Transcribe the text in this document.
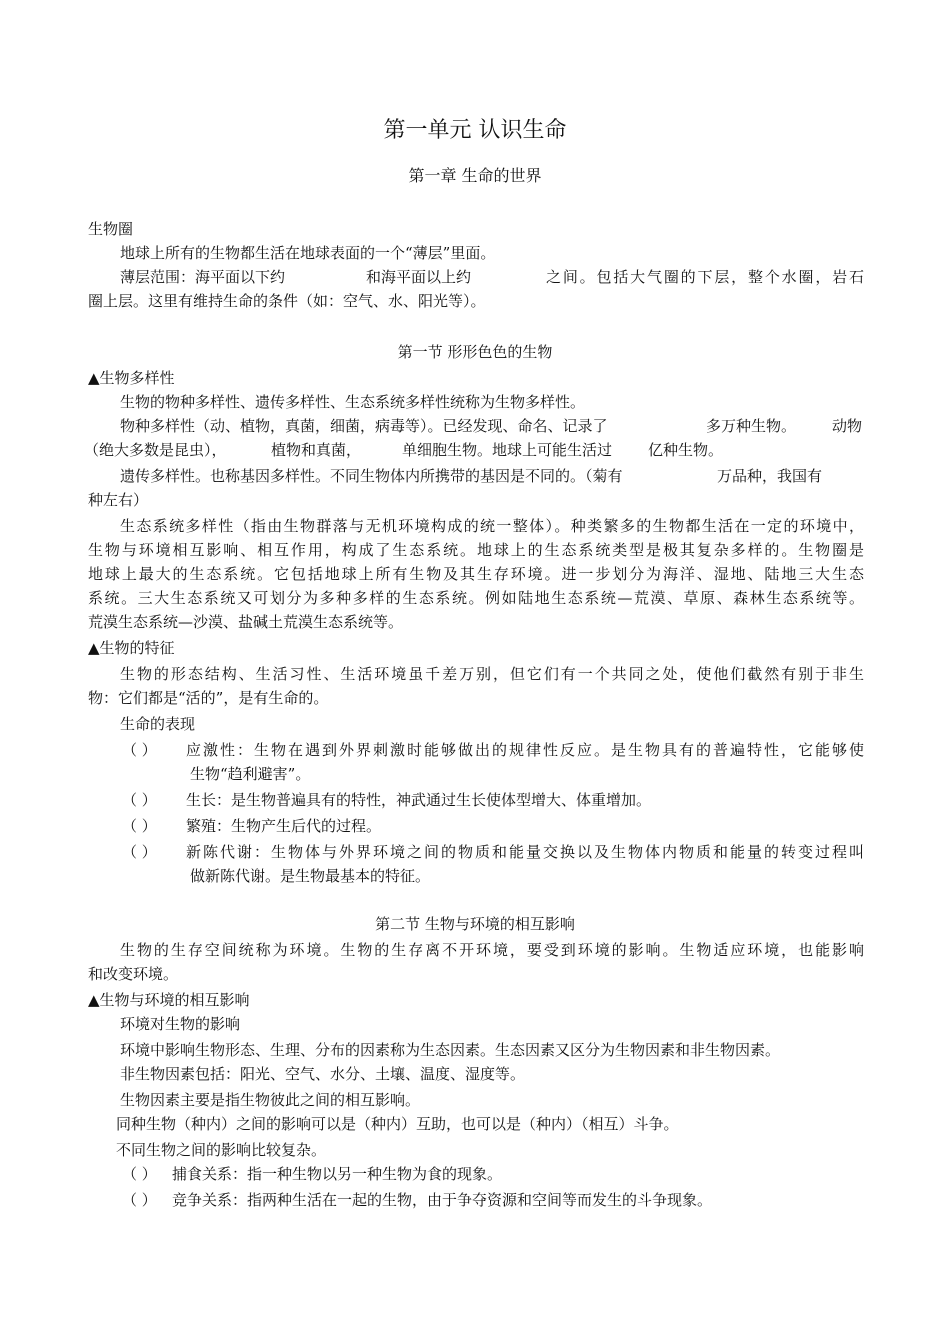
第一单元 认识生命
第一章 生命的世界
生物圈
地球上所有的生物都生活在地球表面的一个“薄层”里面。
薄层范围：海平面以下约	和海平面以上约	之间。包括大气圈的下层，整个水圈，岩石
圈上层。这里有维持生命的条件（如：空气、水、阳光等）。
第一节 形形色色的生物
▲生物多样性
生物的物种多样性、遗传多样性、生态系统多样性统称为生物多样性。
物种多样性（动、植物，真菌，细菌，病毒等）。已经发现、命名、记录了	多万种生物。 动物
（绝大多数是昆虫），	植物和真菌，	单细胞生物。地球上可能生活过 亿种生物。
遗传多样性。也称基因多样性。不同生物体内所携带的基因是不同的。（菊有	万品种，我国有
种左右）
生态系统多样性（指由生物群落与无机环境构成的统一整体）。种类繁多的生物都生活在一定的环境中，
生物与环境相互影响、相互作用，构成了生态系统。地球上的生态系统类型是极其复杂多样的。生物圈是
地球上最大的生态系统。它包括地球上所有生物及其生存环境。进一步划分为海洋、湿地、陆地三大生态
系统。三大生态系统又可划分为多种多样的生态系统。例如陆地生态系统—荒漠、草原、森林生态系统等。
荒漠生态系统—沙漠、盐碱土荒漠生态系统等。
▲生物的特征
生物的形态结构、生活习性、生活环境虽千差万别，但它们有一个共同之处，使他们截然有别于非生
物：它们都是“活的”，是有生命的。
生命的表现
（ ） 应激性：生物在遇到外界刺激时能够做出的规律性反应。是生物具有的普遍特性，它能够使
生物“趋利避害”。
（ ） 生长：是生物普遍具有的特性，神武通过生长使体型增大、体重增加。
（ ） 繁殖：生物产生后代的过程。
（ ） 新陈代谢：生物体与外界环境之间的物质和能量交换以及生物体内物质和能量的转变过程叫
做新陈代谢。是生物最基本的特征。
第二节 生物与环境的相互影响
生物的生存空间统称为环境。生物的生存离不开环境，要受到环境的影响。生物适应环境，也能影响
和改变环境。
▲生物与环境的相互影响
环境对生物的影响
环境中影响生物形态、生理、分布的因素称为生态因素。生态因素又区分为生物因素和非生物因素。
非生物因素包括：阳光、空气、水分、土壤、温度、湿度等。
生物因素主要是指生物彼此之间的相互影响。
同种生物（种内）之间的影响可以是（种内）互助，也可以是（种内）（相互）斗争。
不同生物之间的影响比较复杂。
（ ） 捕食关系：指一种生物以另一种生物为食的现象。
（ ） 竞争关系：指两种生活在一起的生物，由于争夺资源和空间等而发生的斗争现象。
